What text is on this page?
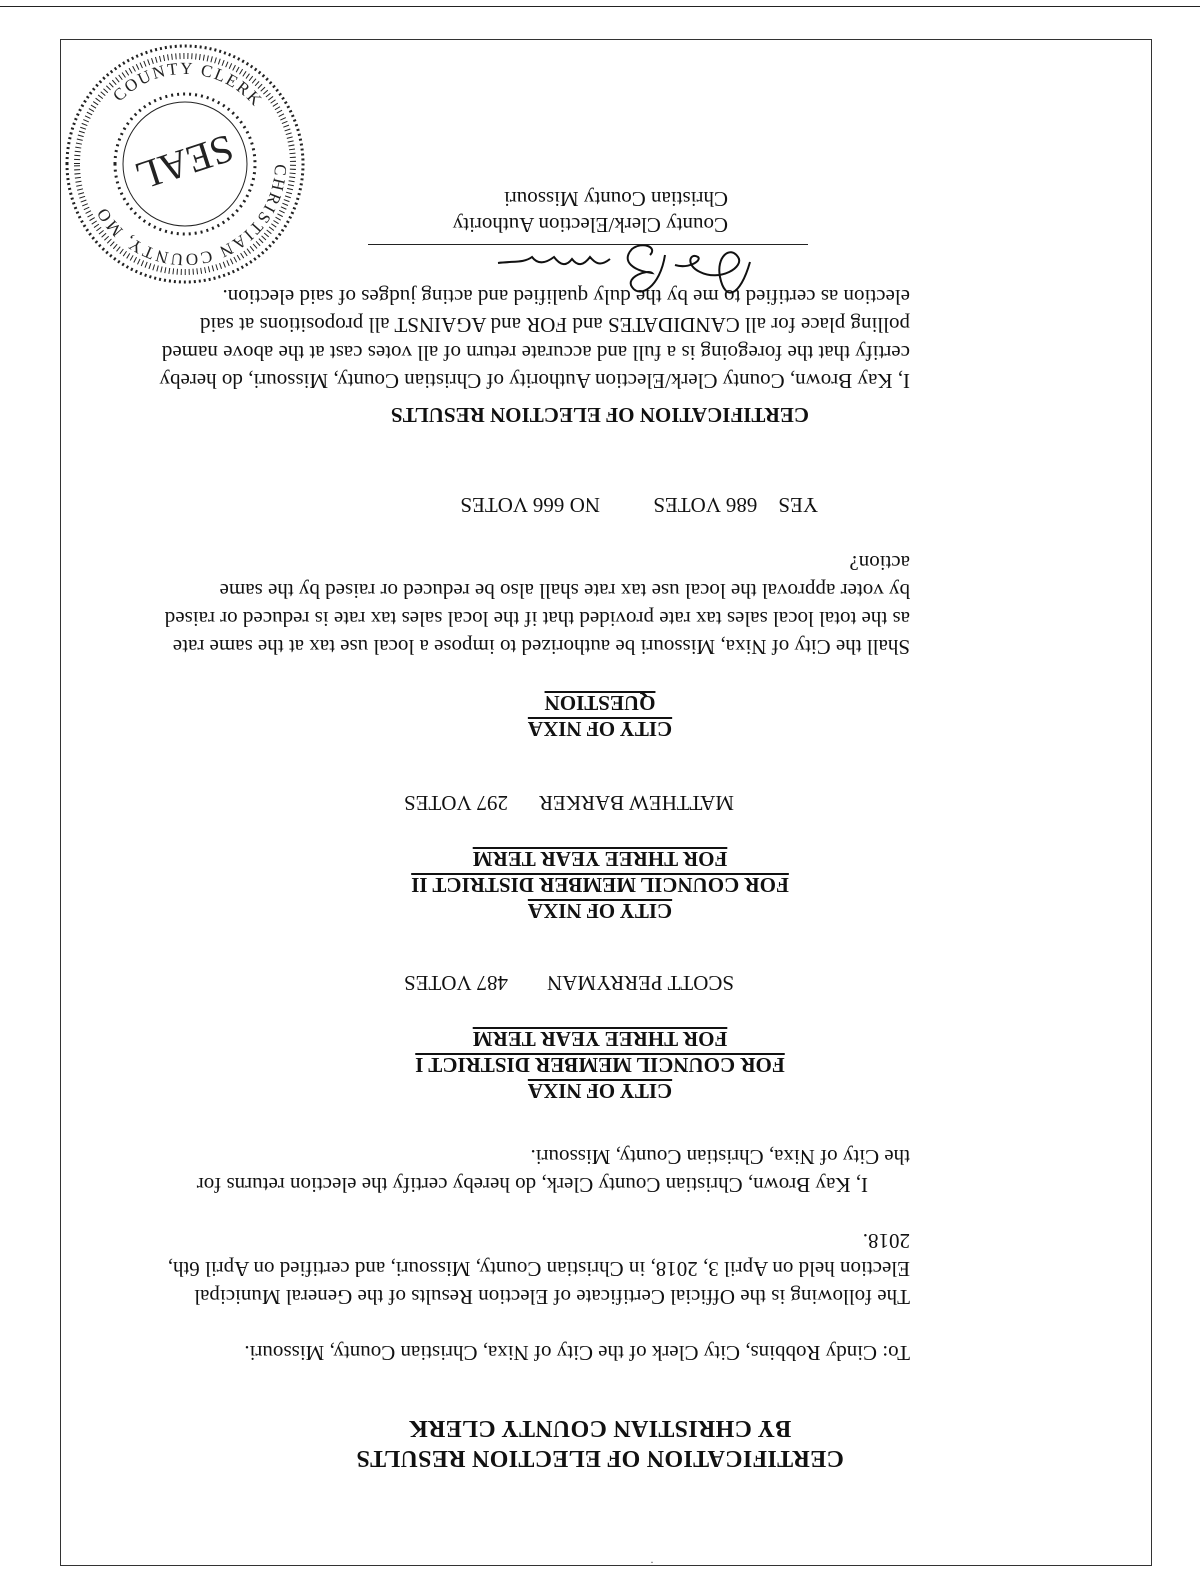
CERTIFICATION OF ELECTION RESULTS
BY CHRISTIAN COUNTY CLERK
To: Cindy Robbins, City Clerk of the City of Nixa, Christian County, Missouri.
The following is the Official Certificate of Election Results of the General Municipal
Election held on April 3, 2018, in Christian County, Missouri, and certified on April 6th,
2018.
I, Kay Brown, Christian County Clerk, do hereby certify the election returns for
the City of Nixa, Christian County, Missouri.
CITY OF NIXA
FOR COUNCIL MEMBER DISTRICT I
FOR THREE YEAR TERM
SCOTT PERRYMAN
487 VOTES
CITY OF NIXA
FOR COUNCIL MEMBER DISTRICT II
FOR THREE YEAR TERM
MATTHEW BARKER
297 VOTES
CITY OF NIXA
QUESTION
Shall the City of Nixa, Missouri be authorized to impose a local use tax at the same rate
as the total local sales tax rate provided that if the local sales tax rate is reduced or raised
by voter approval the local use tax rate shall also be reduced or raised by the same
action?
YES    686 VOTES
NO 666 VOTES
CERTIFICATION OF ELECTION RESULTS
I, Kay Brown, County Clerk/Election Authority of Christian County, Missouri, do hereby
certify that the foregoing is a full and accurate return of all votes cast at the above named
polling place for all CANDIDATES and FOR and AGAINST all propositions at said
election as certified to me by the duly qualified and acting judges of said election.
County Clerk/Election Authority
Christian County Missouri
CHRISTIAN COUNTY, MO
COUNTY CLERK
SEAL
·
